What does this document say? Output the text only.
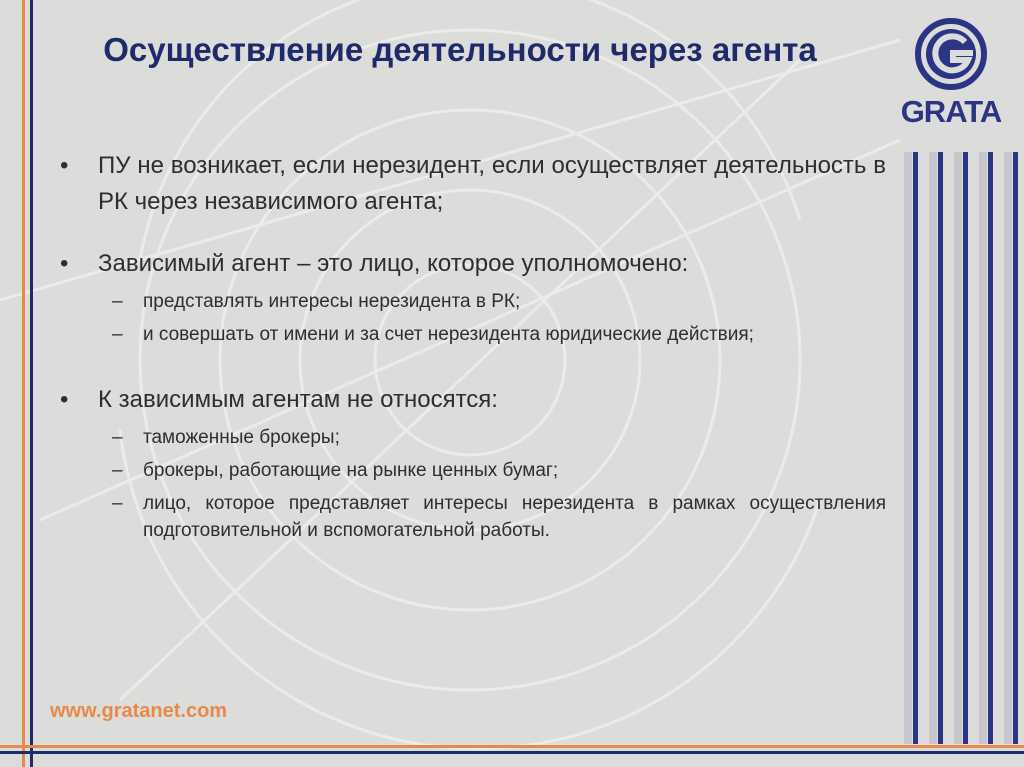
Осуществление деятельности через агента
GRATA
• ПУ не возникает, если нерезидент, если осуществляет деятельность в РК через независимого агента;
• Зависимый агент – это лицо, которое уполномочено:
– представлять интересы нерезидента в РК;
– и совершать от имени и за счет нерезидента юридические действия;
• К зависимым агентам не относятся:
– таможенные брокеры;
– брокеры, работающие на рынке ценных бумаг;
– лицо, которое представляет интересы нерезидента в рамках осуществления подготовительной и вспомогательной работы.
www.gratanet.com
